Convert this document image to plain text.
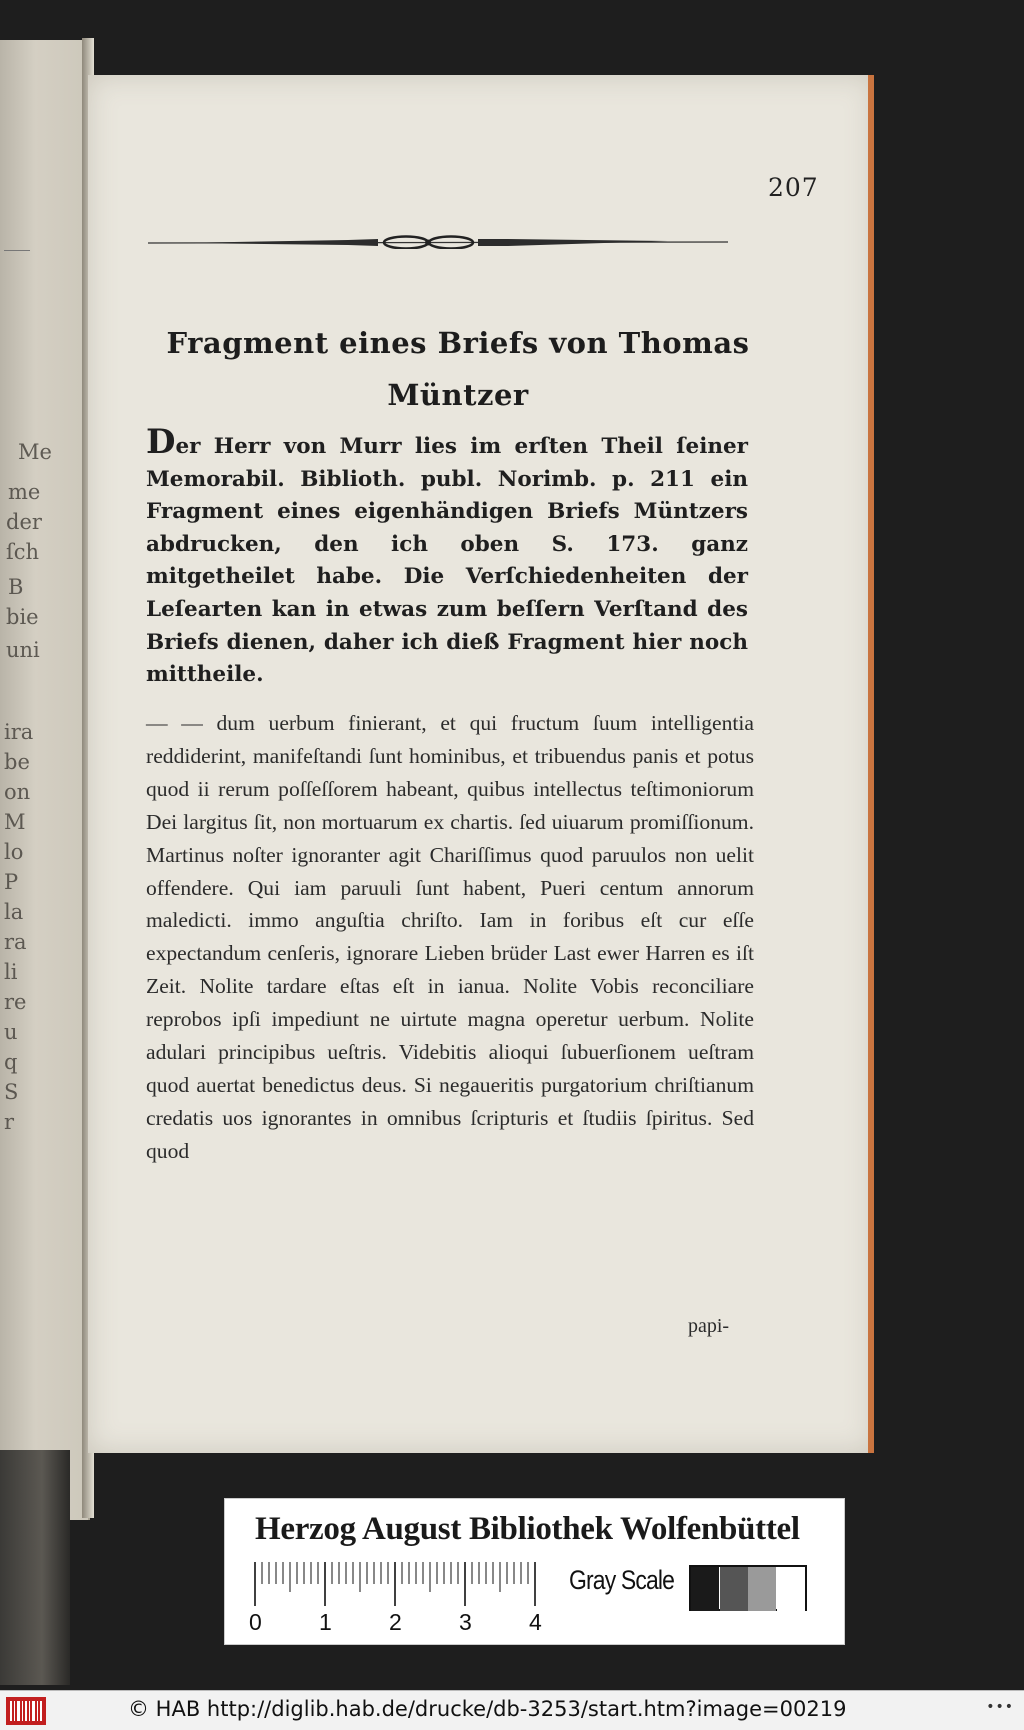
Me
me
der
ſch
B
bie
uni
ira
be
on
M
lo
P
la
ra
li
re
u
q
S
r
207
Fragment eines Briefs von Thomas
Müntzer
Der Herr von Murr lies im erſten Theil ſeiner Memorabil. Biblioth. publ. Norimb. p. 211 ein Fragment eines eigenhändigen Briefs Müntzers abdrucken, den ich oben S. 173. ganz mitgetheilet habe. Die Verſchiedenheiten der Leſearten kan in etwas zum beſſern Verſtand des Briefs dienen, daher ich dieß Fragment hier noch mittheile.
— — dum uerbum finierant, et qui fructum ſuum intelligentia reddiderint, manifeſtandi ſunt hominibus, et tribuendus panis et potus quod ii rerum poſſeſſorem habeant, quibus intellectus teſtimoniorum Dei largitus ſit, non mortuarum ex chartis. ſed uiuarum promiſſionum. Martinus noſter ignoranter agit Chariſſimus quod paruulos non uelit offendere. Qui iam paruuli ſunt habent, Pueri centum annorum maledicti. immo anguſtia chriſto. Iam in foribus eſt cur eſſe expectandum cenſeris, ignorare Lieben brüder Last ewer Harren es iſt Zeit. Nolite tardare eſtas eſt in ianua. Nolite Vobis reconciliare reprobos ipſi impediunt ne uirtute magna operetur uerbum. Nolite adulari principibus ueſtris. Videbitis alioqui ſubuerſionem ueſtram quod auertat benedictus deus. Si negaueritis purgatorium chriſtianum credatis uos ignorantes in omnibus ſcripturis et ſtudiis ſpiritus. Sed quod
papi-
Herzog August Bibliothek Wolfenbüttel
0 1 2 3 4
Gray Scale
© HAB http://diglib.hab.de/drucke/db-3253/start.htm?image=00219	•••
